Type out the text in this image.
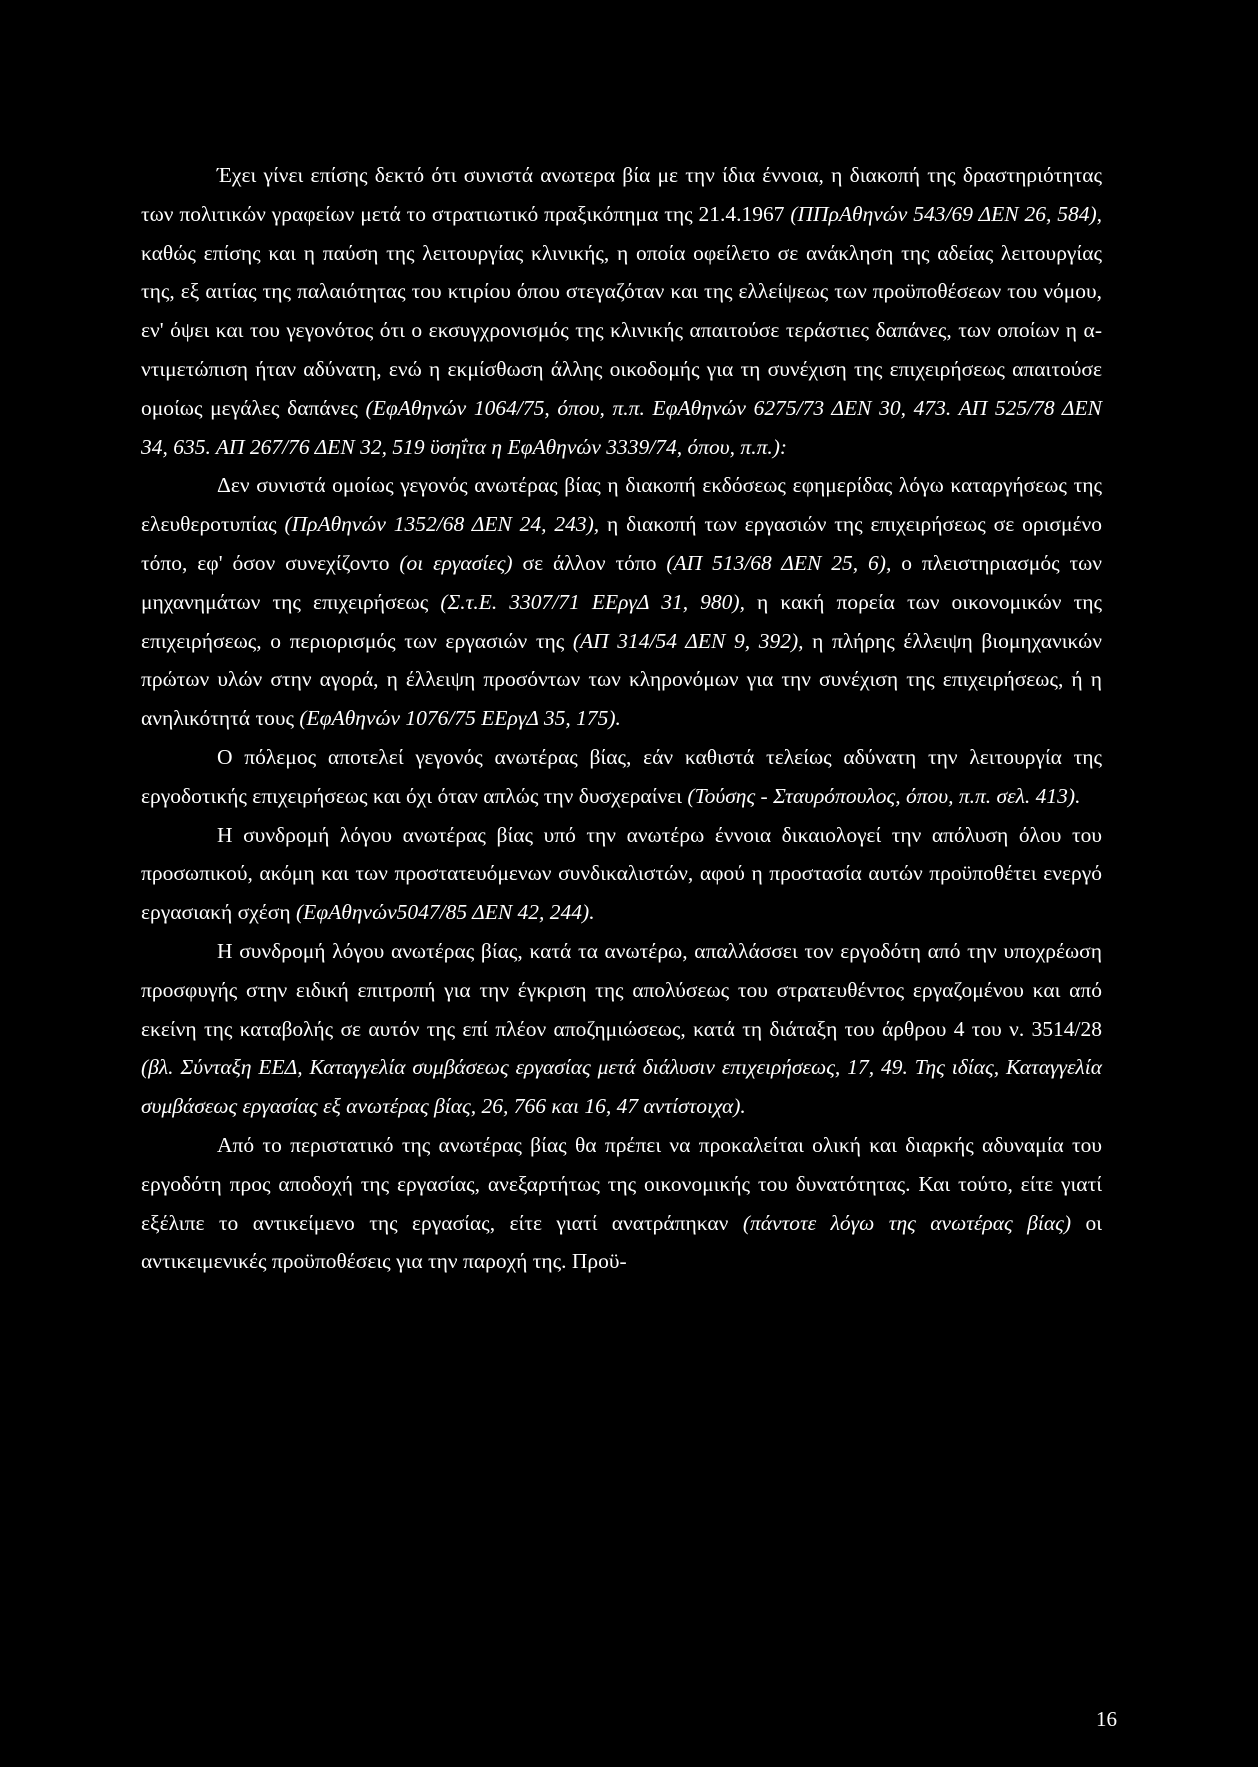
Έχει γίνει επίσης δεκτό ότι συνιστά ανωτερα βία με την ίδια έννοια, η διακοπή της δραστηριότητας των πολιτικών γραφείων μετά το στρατιωτικό πραξικόπημα της 21.4.1967 (ΠΠρΑθηνών 543/69 ΔΕΝ 26, 584), καθώς επίσης και η παύση της λειτουργίας κλινικής, η οποία οφείλετο σε ανάκληση της αδείας λειτουργίας της, εξ αιτίας της παλαιότητας του κτιρίου όπου στεγαζόταν και της ελλείψεως των προϋποθέσεων του νόμου, εν' όψει και του γεγονότος ότι ο εκσυγχρονισμός της κλινικής απαιτούσε τεράστιες δαπάνες, των οποίων η αντιμετώπιση ήταν αδύνατη, ενώ η εκμίσθωση άλλης οικοδομής για τη συνέχιση της επιχειρήσεως απαιτούσε ομοίως μεγάλες δαπάνες (ΕφΑθηνών 1064/75, όπου, π.π. ΕφΑθηνών 6275/73 ΔΕΝ 30, 473. ΑΠ 525/78 ΔΕΝ 34, 635. ΑΠ 267/76 ΔΕΝ 32, 519 ϋσηΐτα η ΕφΑθηνών 3339/74, όπου, π.π.):

Δεν συνιστά ομοίως γεγονός ανωτέρας βίας η διακοπή εκδόσεως εφημερίδας λόγω καταργήσεως της ελευθεροτυπίας (ΠρΑθηνών 1352/68 ΔΕΝ 24, 243), η διακοπή των εργασιών της επιχειρήσεως σε ορισμένο τόπο, εφ' όσον συνεχίζοντο (οι εργασίες) σε άλλον τόπο (ΑΠ 513/68 ΔΕΝ 25, 6), ο πλειστηριασμός των μηχανημάτων της επιχειρήσεως (Σ.τ.Ε. 3307/71 ΕΕργΔ 31, 980), η κακή πορεία των οικονομικών της επιχειρήσεως, ο περιορισμός των εργασιών της (ΑΠ 314/54 ΔΕΝ 9, 392), η πλήρης έλλειψη βιομηχανικών πρώτων υλών στην αγορά, η έλλειψη προσόντων των κληρονόμων για την συνέχιση της επιχειρήσεως, ή η ανηλικότητά τους (ΕφΑθηνών 1076/75 ΕΕργΔ 35, 175).

Ο πόλεμος αποτελεί γεγονός ανωτέρας βίας, εάν καθιστά τελείως αδύνατη την λειτουργία της εργοδοτικής επιχειρήσεως και όχι όταν απλώς την δυσχεραίνει (Τούσης - Σταυρόπουλος, όπου, π.π. σελ. 413).

Η συνδρομή λόγου ανωτέρας βίας υπό την ανωτέρω έννοια δικαιολογεί την απόλυση όλου του προσωπικού, ακόμη και των προστατευόμενων συνδικαλιστών, αφού η προστασία αυτών προϋποθέτει ενεργό εργασιακή σχέση (ΕφΑθηνών5047/85 ΔΕΝ 42, 244).

Η συνδρομή λόγου ανωτέρας βίας, κατά τα ανωτέρω, απαλλάσσει τον εργοδότη από την υποχρέωση προσφυγής στην ειδική επιτροπή για την έγκριση της απολύσεως του στρατευθέντος εργαζομένου και από εκείνη της καταβολής σε αυτόν της επί πλέον αποζημιώσεως, κατά τη διάταξη του άρθρου 4 του ν. 3514/28 (βλ. Σύνταξη ΕΕΔ, Καταγγελία συμβάσεως εργασίας μετά διάλυσιν επιχειρήσεως, 17, 49. Της ιδίας, Καταγγελία συμβάσεως εργασίας εξ ανωτέρας βίας, 26, 766 και 16, 47 αντίστοιχα).

Από το περιστατικό της ανωτέρας βίας θα πρέπει να προκαλείται ολική και διαρκής αδυναμία του εργοδότη προς αποδοχή της εργασίας, ανεξαρτήτως της οικονομικής του δυνατότητας. Και τούτο, είτε γιατί εξέλιπε το αντικείμενο της εργασίας, είτε γιατί ανατράπηκαν (πάντοτε λόγω της ανωτέρας βίας) οι αντικειμενικές προϋποθέσεις για την παροχή της. Προϋ-

16
